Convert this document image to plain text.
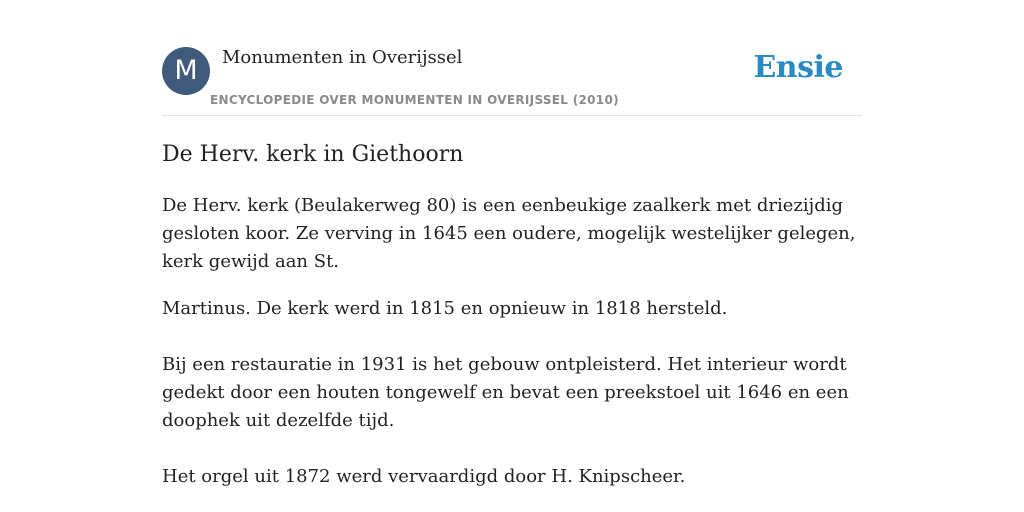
M	Monumenten in Overijssel
ENCYCLOPEDIE OVER MONUMENTEN IN OVERIJSSEL (2010)
Ensie
De Herv. kerk in Giethoorn

De Herv. kerk (Beulakerweg 80) is een eenbeukige zaalkerk met driezijdig gesloten koor. Ze verving in 1645 een oudere, mogelijk westelijker gelegen, kerk gewijd aan St.

Martinus. De kerk werd in 1815 en opnieuw in 1818 hersteld.

Bij een restauratie in 1931 is het gebouw ontpleisterd. Het interieur wordt gedekt door een houten tongewelf en bevat een preekstoel uit 1646 en een doophek uit dezelfde tijd.

Het orgel uit 1872 werd vervaardigd door H. Knipscheer.
